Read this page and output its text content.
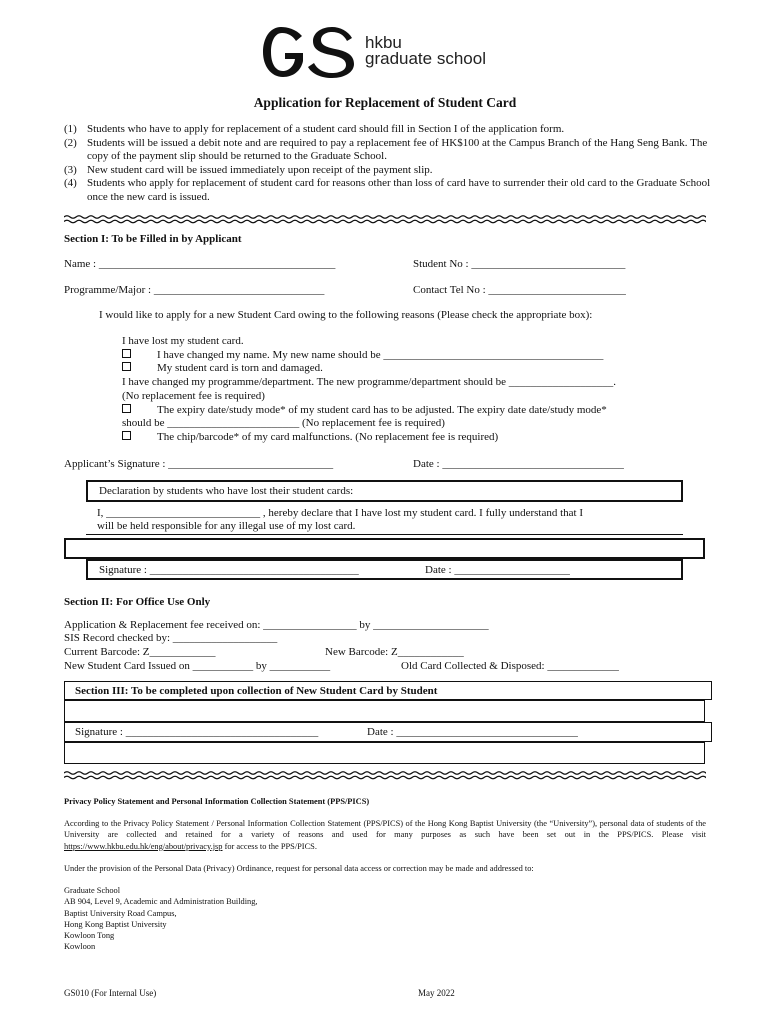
hkbu
graduate school
Application for Replacement of Student Card
(1) Students who have to apply for replacement of a student card should fill in Section I of the application form.
(2) Students will be issued a debit note and are required to pay a replacement fee of HK$100 at the Campus Branch of the Hang Seng Bank. The copy of the payment slip should be returned to the Graduate School.
(3) New student card will be issued immediately upon receipt of the payment slip.
(4) Students who apply for replacement of student card for reasons other than loss of card have to surrender their old card to the Graduate School once the new card is issued.
Section I: To be Filled in by Applicant
Name : ___________________________________________	Student No : ____________________________
Programme/Major : _______________________________	Contact Tel No : _________________________
I would like to apply for a new Student Card owing to the following reasons (Please check the appropriate box):
I have lost my student card.
I have changed my name. My new name should be ________________________________________
My student card is torn and damaged.
I have changed my programme/department. The new programme/department should be ___________________.
(No replacement fee is required)
The expiry date/study mode* of my student card has to be adjusted. The expiry date date/study mode*
should be ________________________ (No replacement fee is required)
The chip/barcode* of my card malfunctions. (No replacement fee is required)
Applicant’s Signature : ______________________________	Date : _________________________________
Declaration by students who have lost their student cards:
I, ____________________________ , hereby declare that I have lost my student card. I fully understand that I
will be held responsible for any illegal use of my lost card.
Signature : ______________________________________	Date : _____________________
Section II: For Office Use Only
Application & Replacement fee received on: _________________ by _____________________
SIS Record checked by: ___________________
Current Barcode: Z____________	New Barcode: Z____________
New Student Card Issued on ___________ by ___________	Old Card Collected & Disposed: _____________
Section III: To be completed upon collection of New Student Card by Student
Signature : ___________________________________	Date : _________________________________
Privacy Policy Statement and Personal Information Collection Statement (PPS/PICS)
According to the Privacy Policy Statement / Personal Information Collection Statement (PPS/PICS) of the Hong Kong Baptist University (the “University”), personal data of students of the University are collected and retained for a variety of reasons and used for many purposes as such have been set out in the PPS/PICS. Please visit https://www.hkbu.edu.hk/eng/about/privacy.jsp for access to the PPS/PICS.
Under the provision of the Personal Data (Privacy) Ordinance, request for personal data access or correction may be made and addressed to:
Graduate School
AB 904, Level 9, Academic and Administration Building,
Baptist University Road Campus,
Hong Kong Baptist University
Kowloon Tong
Kowloon
GS010 (For Internal Use)	May 2022
